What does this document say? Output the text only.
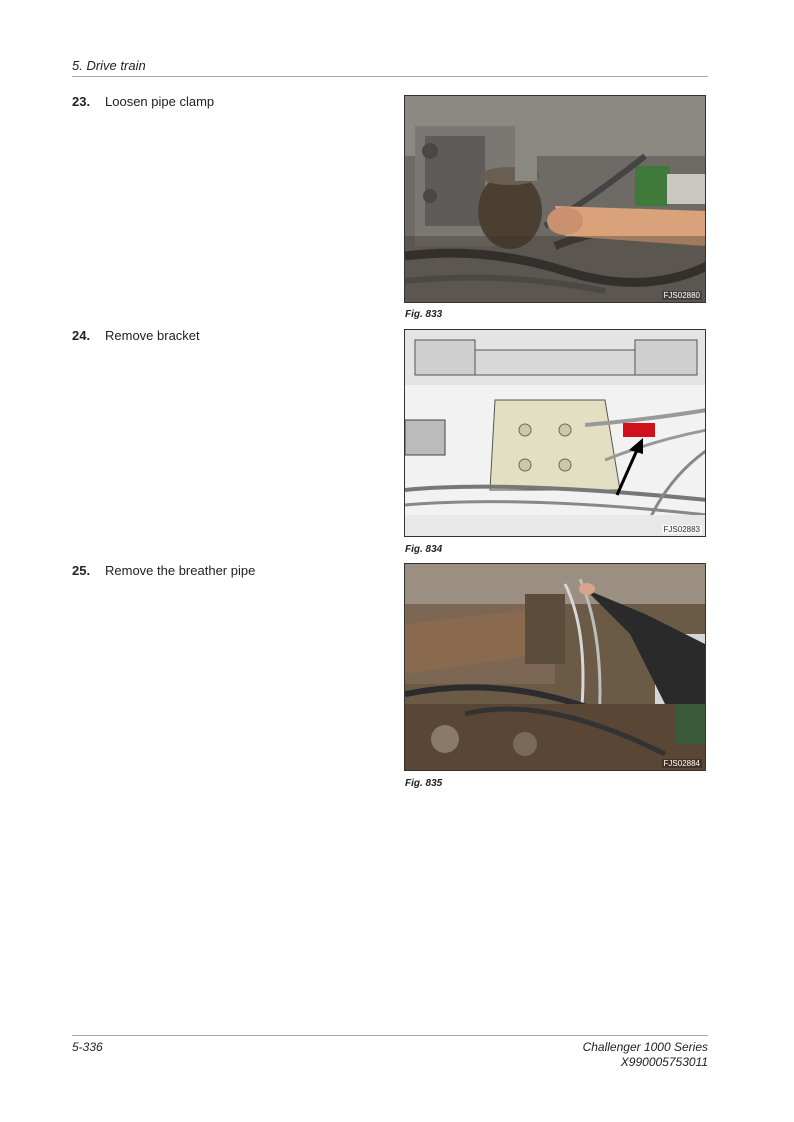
5. Drive train
23. Loosen pipe clamp
FJS02880
Fig. 833
24. Remove bracket
FJS02883
Fig. 834
25. Remove the breather pipe
FJS02884
Fig. 835
5-336	Challenger 1000 Series
X990005753011
